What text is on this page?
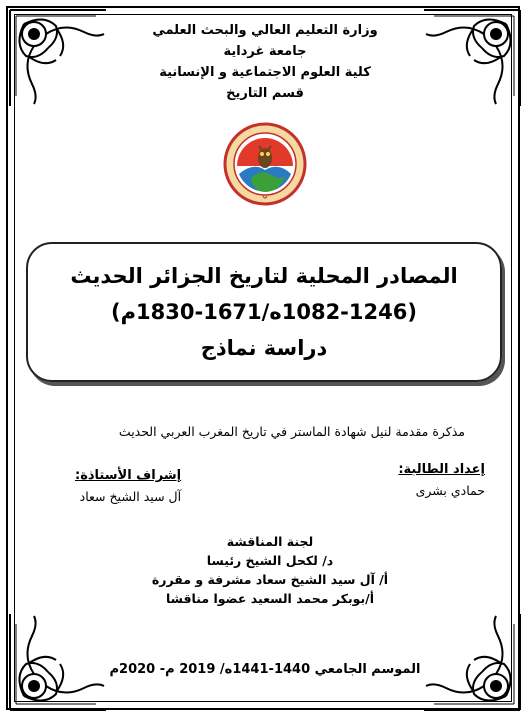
وزارة التعليم العالي والبحث العلمي
جامعة غرداية
كلية العلوم الاجتماعية و الإنسانية
قسم التاريخ
المصادر المحلية لتاريخ الجزائر الحديث
(1082-1246ه/1671-1830م)
دراسة نماذج
مذكرة مقدمة لنيل شهادة الماستر في تاريخ المغرب العربي الحديث
إعداد الطالبة:
حمادي بشرى
إشراف الأستاذة:
آل سيد الشيخ سعاد
لجنة المناقشة
د/ لكحل الشيخ رئيسا
أ/ آل سيد الشيخ سعاد مشرفة و مقررة
أ/بوبكر محمد السعيد عضوا مناقشا
الموسم الجامعي 1440-1441ه/ 2019 م- 2020م
